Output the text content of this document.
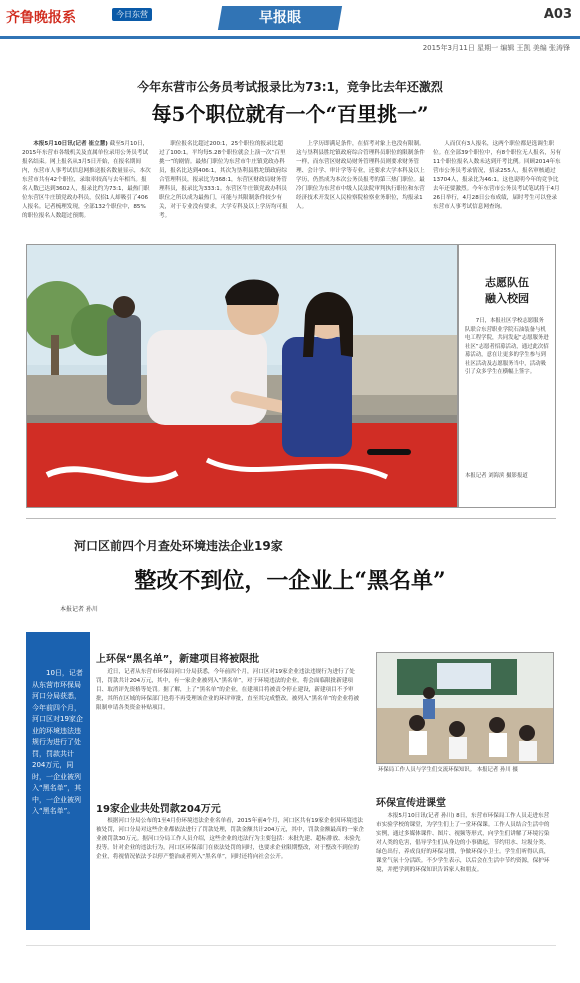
齐鲁晚报系	今日东营	早报眼	A03
2015年3月11日 星期一 编辑 王凯 美编 张涛锋
今年东营市公务员考试报录比为73:1，竞争比去年还激烈
每5个职位就有一个“百里挑一”
本报5月10日讯(记者 崔立慧) 截至5月10日，2015年东营市各级机关及直属单位录用公务员考试报名结束。网上报名从3月5日开始，在报名期间内，东营市人事考试信息网推送报名数量显示，本次东营市共有42个职位，录取率较高与去年相当。报名人数已达到3602人，报录比约为73:1，最热门职位东营区牛庄镇党政办科员，仅招1人却吸引了406人报名。记者梳理发现，全部132个职位中，85%的职位报名人数超过预期。
职位报名比超过200:1，25个职位的报录比超过了100:1。平均每5.28个职位就会上演一次“百里挑一”的剧情。最热门职位为东营市牛庄镇党政办科员，报名比达到406:1，其次为垦利县胜坨镇政府综合管理科员，报录比为368:1，东营区财政局财务管理科员，报录比为333:1。东营区牛庄镇党政办科员职位之所以成为最热门，可能与其限制条件较少有关，对于专业没有要求，大学专科及以上学历均可报考。
上学历即满足条件，在招考对象上也没有限制。这与垦利县胜坨镇政府综合管理科员职位的限制条件一样，而东营区财政局财务管理科员则要求财务管理、会计学、审计学等专业，还要求大学本科及以上学历，仍然成为本次公务员报考的第三热门职位。最冷门职位为东营市中级人民法院审判执行职位和东营经济技术开发区人民检察院检察业务职位，均报录1人。
人而仅有3人报名，这两个职位都是选调生职位。在全部39个职位中，有8个职位无人报名，另有11个职位报名人数未达到开考比例。回顾2014年东营市公务员考录情况，招录255人，报名审核通过13704人，报录比为46:1。这也说明今年的竞争比去年还要激烈。今年东营市公务员考试笔试将于4月26日举行，4月28日公布成绩，届时考生可以登录东营市人事考试信息网查询。
志愿队伍
融入校园
7日，本报社区学校志愿服务队联合东营职业学院石油装备与机电工程学院，共同发起“志愿服务进社区”志愿者招募活动，通过此次招募活动，意在让更多的学生参与到社区活动及志愿服务当中，活动吸引了众多学生在横幅上签字。
本报记者 刘海滨 摄影报道
河口区前四个月查处环境违法企业19家
整改不到位，一企业上“黑名单”
本报记者 孙川
10日，记者从东营市环保局河口分局获悉，今年前四个月，河口区对19家企业的环境违法违规行为进行了处罚，罚款共计204万元，同时，一企业被列入“黑名单”，其中，一企业被列入“黑名单”。
上环保“黑名单”，新建项目将被限批
近日，记者从东营市环保局河口分局获悉，今年前四个月，河口区对19家企业违法违规行为进行了处罚，罚款共计204万元，其中，有一家企业被列入“黑名单”，对于环境违法的企业，将会面临限批新建项目、取消评先资格等处罚。据了解，上了“黑名单”的企业，在建项目将被责令停止建设，新建项目不予审批，其所在区域的环保部门也将不再受理该企业的环评审批，直至其完成整改。被列入“黑名单”的企业将被限制申请各类资金补贴项目。
19家企业共处罚款204万元
根据河口分局公布的1至4月份环境违法企业名单看，2015年前4个月，河口区共有19家企业因环境违法被处罚，河口分局对这些企业都依法进行了罚款处理，罚款金额共计204万元，其中，罚款金额最高的一家企业被罚款30万元。据河口分局工作人员介绍，这些企业的违法行为主要包括：未批先建、超标排放、未验先投等。针对企业的违法行为，河口区环保部门在依法处罚的同时，也要求企业限期整改，对于整改不到位的企业，将视情况依法予以停产整治或者列入“黑名单”，同时还将向社会公开。
环保局工作人员与学生们交流环保知识。 本报记者 孙川 摄
环保宣传进课堂
本报5月10日讯(记者 孙川) 8日，东营市环保局工作人员走进东营市实验学校的课堂，为学生们上了一堂环保课。工作人员结合生活中的实例，通过多媒体课件、图片、视频等形式，向学生们讲解了环境污染对人类的危害，倡导学生们从身边的小事做起，节约用水、垃圾分类、绿色出行，养成良好的环保习惯，争做环保小卫士。学生们听得认真，课堂气氛十分活跃。不少学生表示，以后会在生活中节约资源，保护环境，并把学到的环保知识告诉家人和朋友。
